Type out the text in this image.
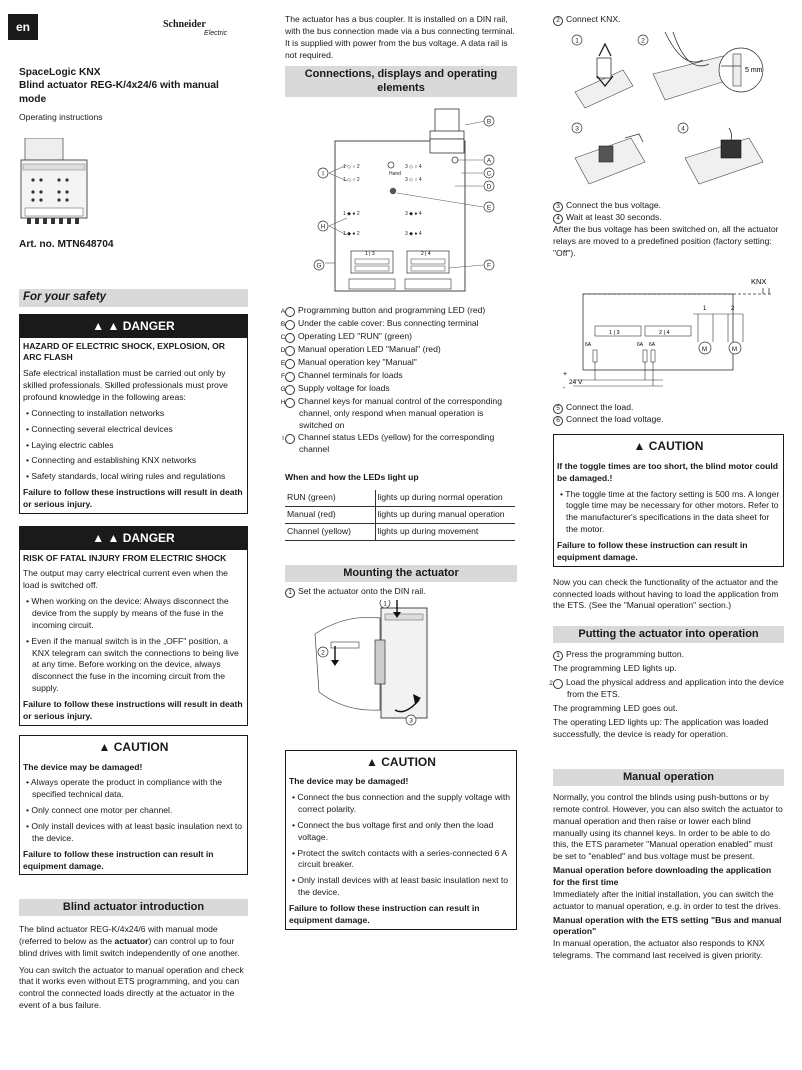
en	Schneider
Electric
SpaceLogic KNX
Blind actuator REG-K/4x24/6 with manual mode
Operating instructions
Art. no. MTN648704
For your safety
▲ ▲ DANGER
HAZARD OF ELECTRIC SHOCK, EXPLOSION, OR ARC FLASH
Safe electrical installation must be carried out only by skilled professionals. Skilled professionals must prove profound knowledge in the following areas:
• Connecting to installation networks
• Connecting several electrical devices
• Laying electric cables
• Connecting and establishing KNX networks
• Safety standards, local wiring rules and regulations
Failure to follow these instructions will result in death or serious injury.
▲ ▲ DANGER
RISK OF FATAL INJURY FROM ELECTRIC SHOCK
The output may carry electrical current even when the load is switched off.
• When working on the device: Always disconnect the device from the supply by means of the fuse in the incoming circuit.
• Even if the manual switch is in the „OFF" position, a KNX telegram can switch the connections to being live at any time. Before working on the device, always disconnect the fuse in the incoming circuit from the supply.
Failure to follow these instructions will result in death or serious injury.
▲ CAUTION
The device may be damaged!
• Always operate the product in compliance with the specified technical data.
• Only connect one motor per channel.
• Only install devices with at least basic insulation next to the device.
Failure to follow these instruction can result in equipment damage.
Blind actuator introduction

The blind actuator REG-K/4x24/6 with manual mode (referred to below as the actuator) can control up to four blind drives with limit switch independently of one another.

You can switch the actuator to manual operation and check that it works even without ETS programming, and you can control the connected loads directly at the actuator in the event of a bus failure.

The actuator has a bus coupler. It is installed on a DIN rail, with the bus connection made via a bus connecting terminal. It is supplied with power from the bus voltage. A data rail is not required.

Connections, displays and operating elements
1 ◇ ○ 2
1 ◇ ○ 2
3 ◇ ○ 4
3 ◇ ○ 4
Hand
1 ◆ ● 2
1 ◆ ● 2
3 ◆ ● 4
3 ◆ ● 4
1 | 3	2 | 4
B
A
C
D
E
F
G
H
I
A Programming button and programming LED (red)
B Under the cable cover: Bus connecting terminal
C Operating LED "RUN" (green)
D Manual operation LED "Manual" (red)
E Manual operation key "Manual"
F Channel terminals for loads
G Supply voltage for loads
H Channel keys for manual control of the corresponding channel, only respond when manual operation is switched on
I Channel status LEDs (yellow) for the corresponding channel
When and how the LEDs light up
RUN (green)	lights up during normal operation
Manual (red)	lights up during manual operation
Channel (yellow)	lights up during movement
Mounting the actuator
1 Set the actuator onto the DIN rail.
1
2
3
▲ CAUTION
The device may be damaged!
• Connect the bus connection and the supply voltage with correct polarity.
• Connect the bus voltage first and only then the load voltage.
• Protect the switch contacts with a series-connected 6 A circuit breaker.
• Only install devices with at least basic insulation next to the device.
Failure to follow these instruction can result in equipment damage.
2 Connect KNX.
1	2
3	4
5 mm
3 Connect the bus voltage.
4 Wait at least 30 seconds.

After the bus voltage has been switched on, all the actuator relays are moved to a predefined position (factory setting: "Off").

KNX
1 | 3	2 | 4
6A	6A 6A
M	M
1	2
+
-
24 V
5 Connect the load.
6 Connect the load voltage.
▲ CAUTION
If the toggle times are too short, the blind motor could be damaged.!
• The toggle time at the factory setting is 500 ms. A longer toggle time may be necessary for other motors. Refer to the manufacturer's specifications in the data sheet for the motor.
Failure to follow these instruction can result in equipment damage.

Now you can check the functionality of the actuator and the connected loads without having to load the application from the ETS. (See the "Manual operation" section.)

Putting the actuator into operation
1 Press the programming button.
The programming LED lights up.
2 Load the physical address and application into the device from the ETS.
The programming LED goes out.
The operating LED lights up: The application was loaded successfully, the device is ready for operation.
Manual operation

Normally, you control the blinds using push-buttons or by remote control. However, you can also switch the actuator to manual operation and then raise or lower each blind manually using its channel keys. In order to be able to do this, the ETS parameter "Manual operation enabled" must be set to "enabled" and bus voltage must be present.

Manual operation before downloading the application for the first time

Immediately after the initial installation, you can switch the actuator to manual operation, e.g. in order to test the drives.

Manual operation with the ETS setting "Bus and manual operation"

In manual operation, the actuator also responds to KNX telegrams. The command last received is given priority.
